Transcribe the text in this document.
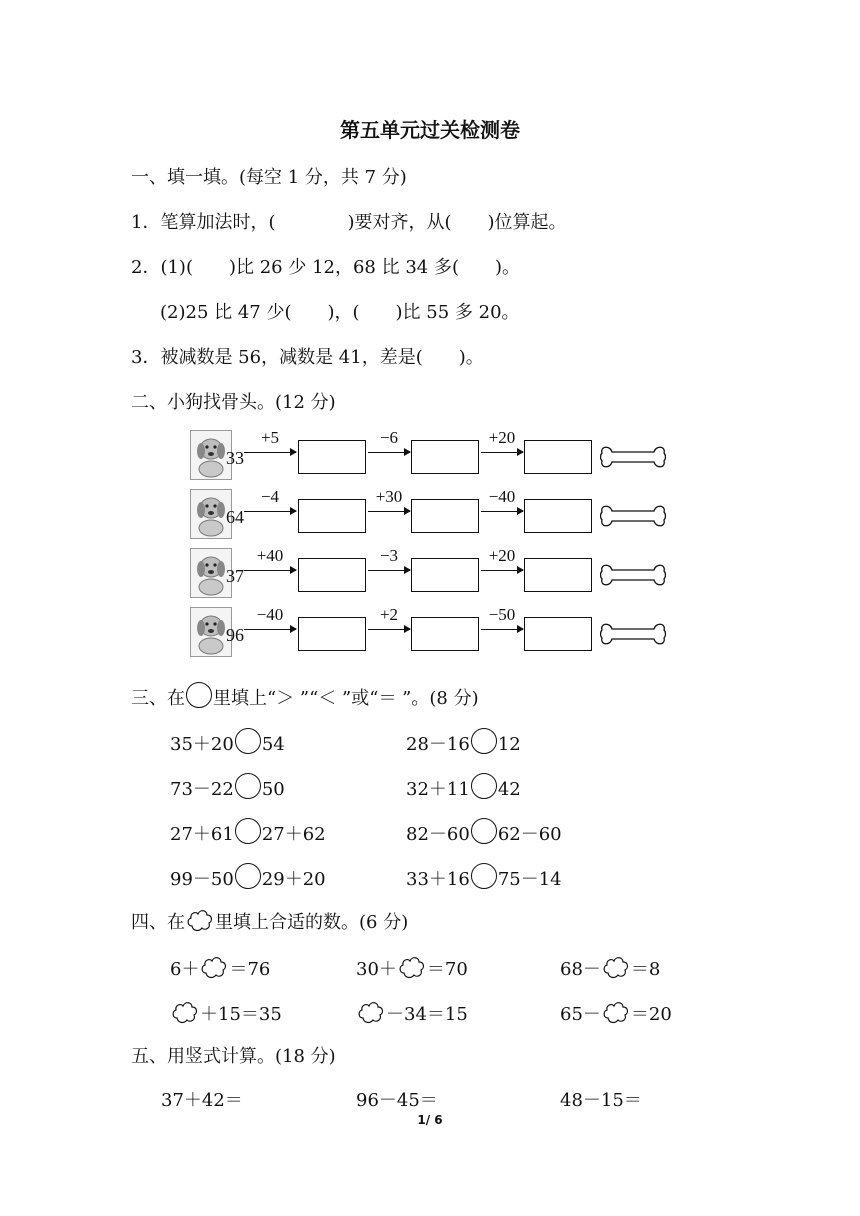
第五单元过关检测卷
一、填一填。(每空 1 分，共 7 分)
1．笔算加法时，(　　　　)要对齐，从(　　)位算起。
2．(1)(　　)比 26 少 12，68 比 34 多(　　)。
(2)25 比 47 少(　　)，(　　)比 55 多 20。
3．被减数是 56，减数是 41，差是(　　)。
二、小狗找骨头。(12 分)
33
+5	−6	+20
64
−4	+30	−40
37
+40	−3	+20
96
−40	+2	−50
三、在 里填上“＞ ”“＜ ”或“＝ ”。(8 分)
35＋20 54	28－16 12
73－22 50	32＋11 42
27＋61 27＋62	82－60 62－60
99－50 29＋20	33＋16 75－14
四、在 里填上合适的数。(6 分)
6＋ ＝76	30＋ ＝70	68－ ＝8
＋15＝35	－34＝15	65－ ＝20
五、用竖式计算。(18 分)
37＋42＝	96－45＝	48－15＝
1/ 6
